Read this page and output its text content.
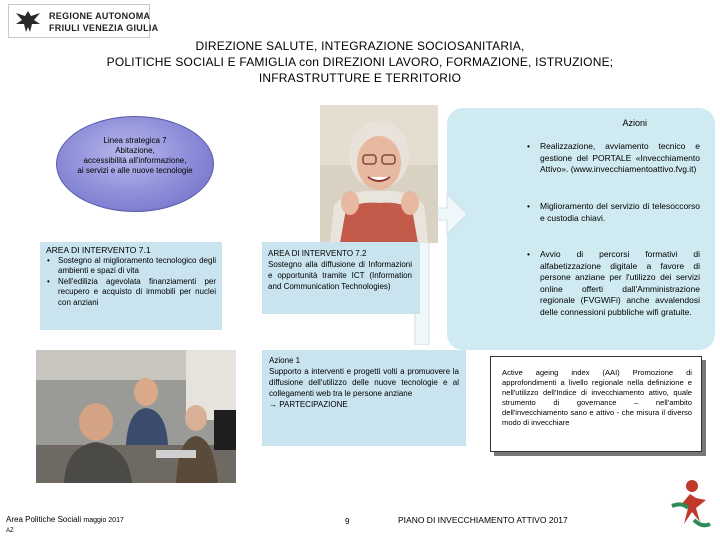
REGIONE AUTONOMA
FRIULI VENEZIA GIULIA
DIREZIONE SALUTE, INTEGRAZIONE SOCIOSANITARIA,
POLITICHE SOCIALI E FAMIGLIA con DIREZIONI LAVORO, FORMAZIONE, ISTRUZIONE;
INFRASTRUTTURE E TERRITORIO
Linea strategica 7
Abitazione,
accessibilità all'informazione,
ai servizi e alle nuove tecnologie
Azioni
• Realizzazione, avviamento tecnico e gestione del PORTALE «Invecchiamento Attivo». (www.invecchiamentoattivo.fvg.it)
• Miglioramento del servizio di telesoccorso e custodia chiavi.
• Avvio di percorsi formativi di alfabetizzazione digitale a favore di persone anziane per l'utilizzo dei servizi online offerti dall'Amministrazione regionale (FVGWiFi) anche avvalendosi delle connessioni pubbliche wifi gratuite.
AREA DI INTERVENTO 7.1
• Sostegno al miglioramento tecnologico degli ambienti e spazi di vita
• Nell'edilizia agevolata finanziamenti per recupero e acquisto di immobili per nuclei con anziani
AREA DI INTERVENTO 7.2
Sostegno alla diffusione di Informazioni e opportunità tramite ICT (Information and Communication Technologies)
Azione 1
Supporto a interventi e progetti volti a promuovere la diffusione dell'utilizzo delle nuove tecnologie e al collegamenti web tra le persone anziane
→ PARTECIPAZIONE
Active ageing index (AAI) Promozione di approfondimenti a livello regionale nella definizione e nell'utilizzo dell'Indice di invecchiamento attivo, quale strumento di governance – nell'ambito dell'invecchiamento sano e attivo - che misura il diverso modo di invecchiare
Area Politiche Sociali maggio 2017
AZ
9	PIANO DI INVECCHIAMENTO ATTIVO 2017
